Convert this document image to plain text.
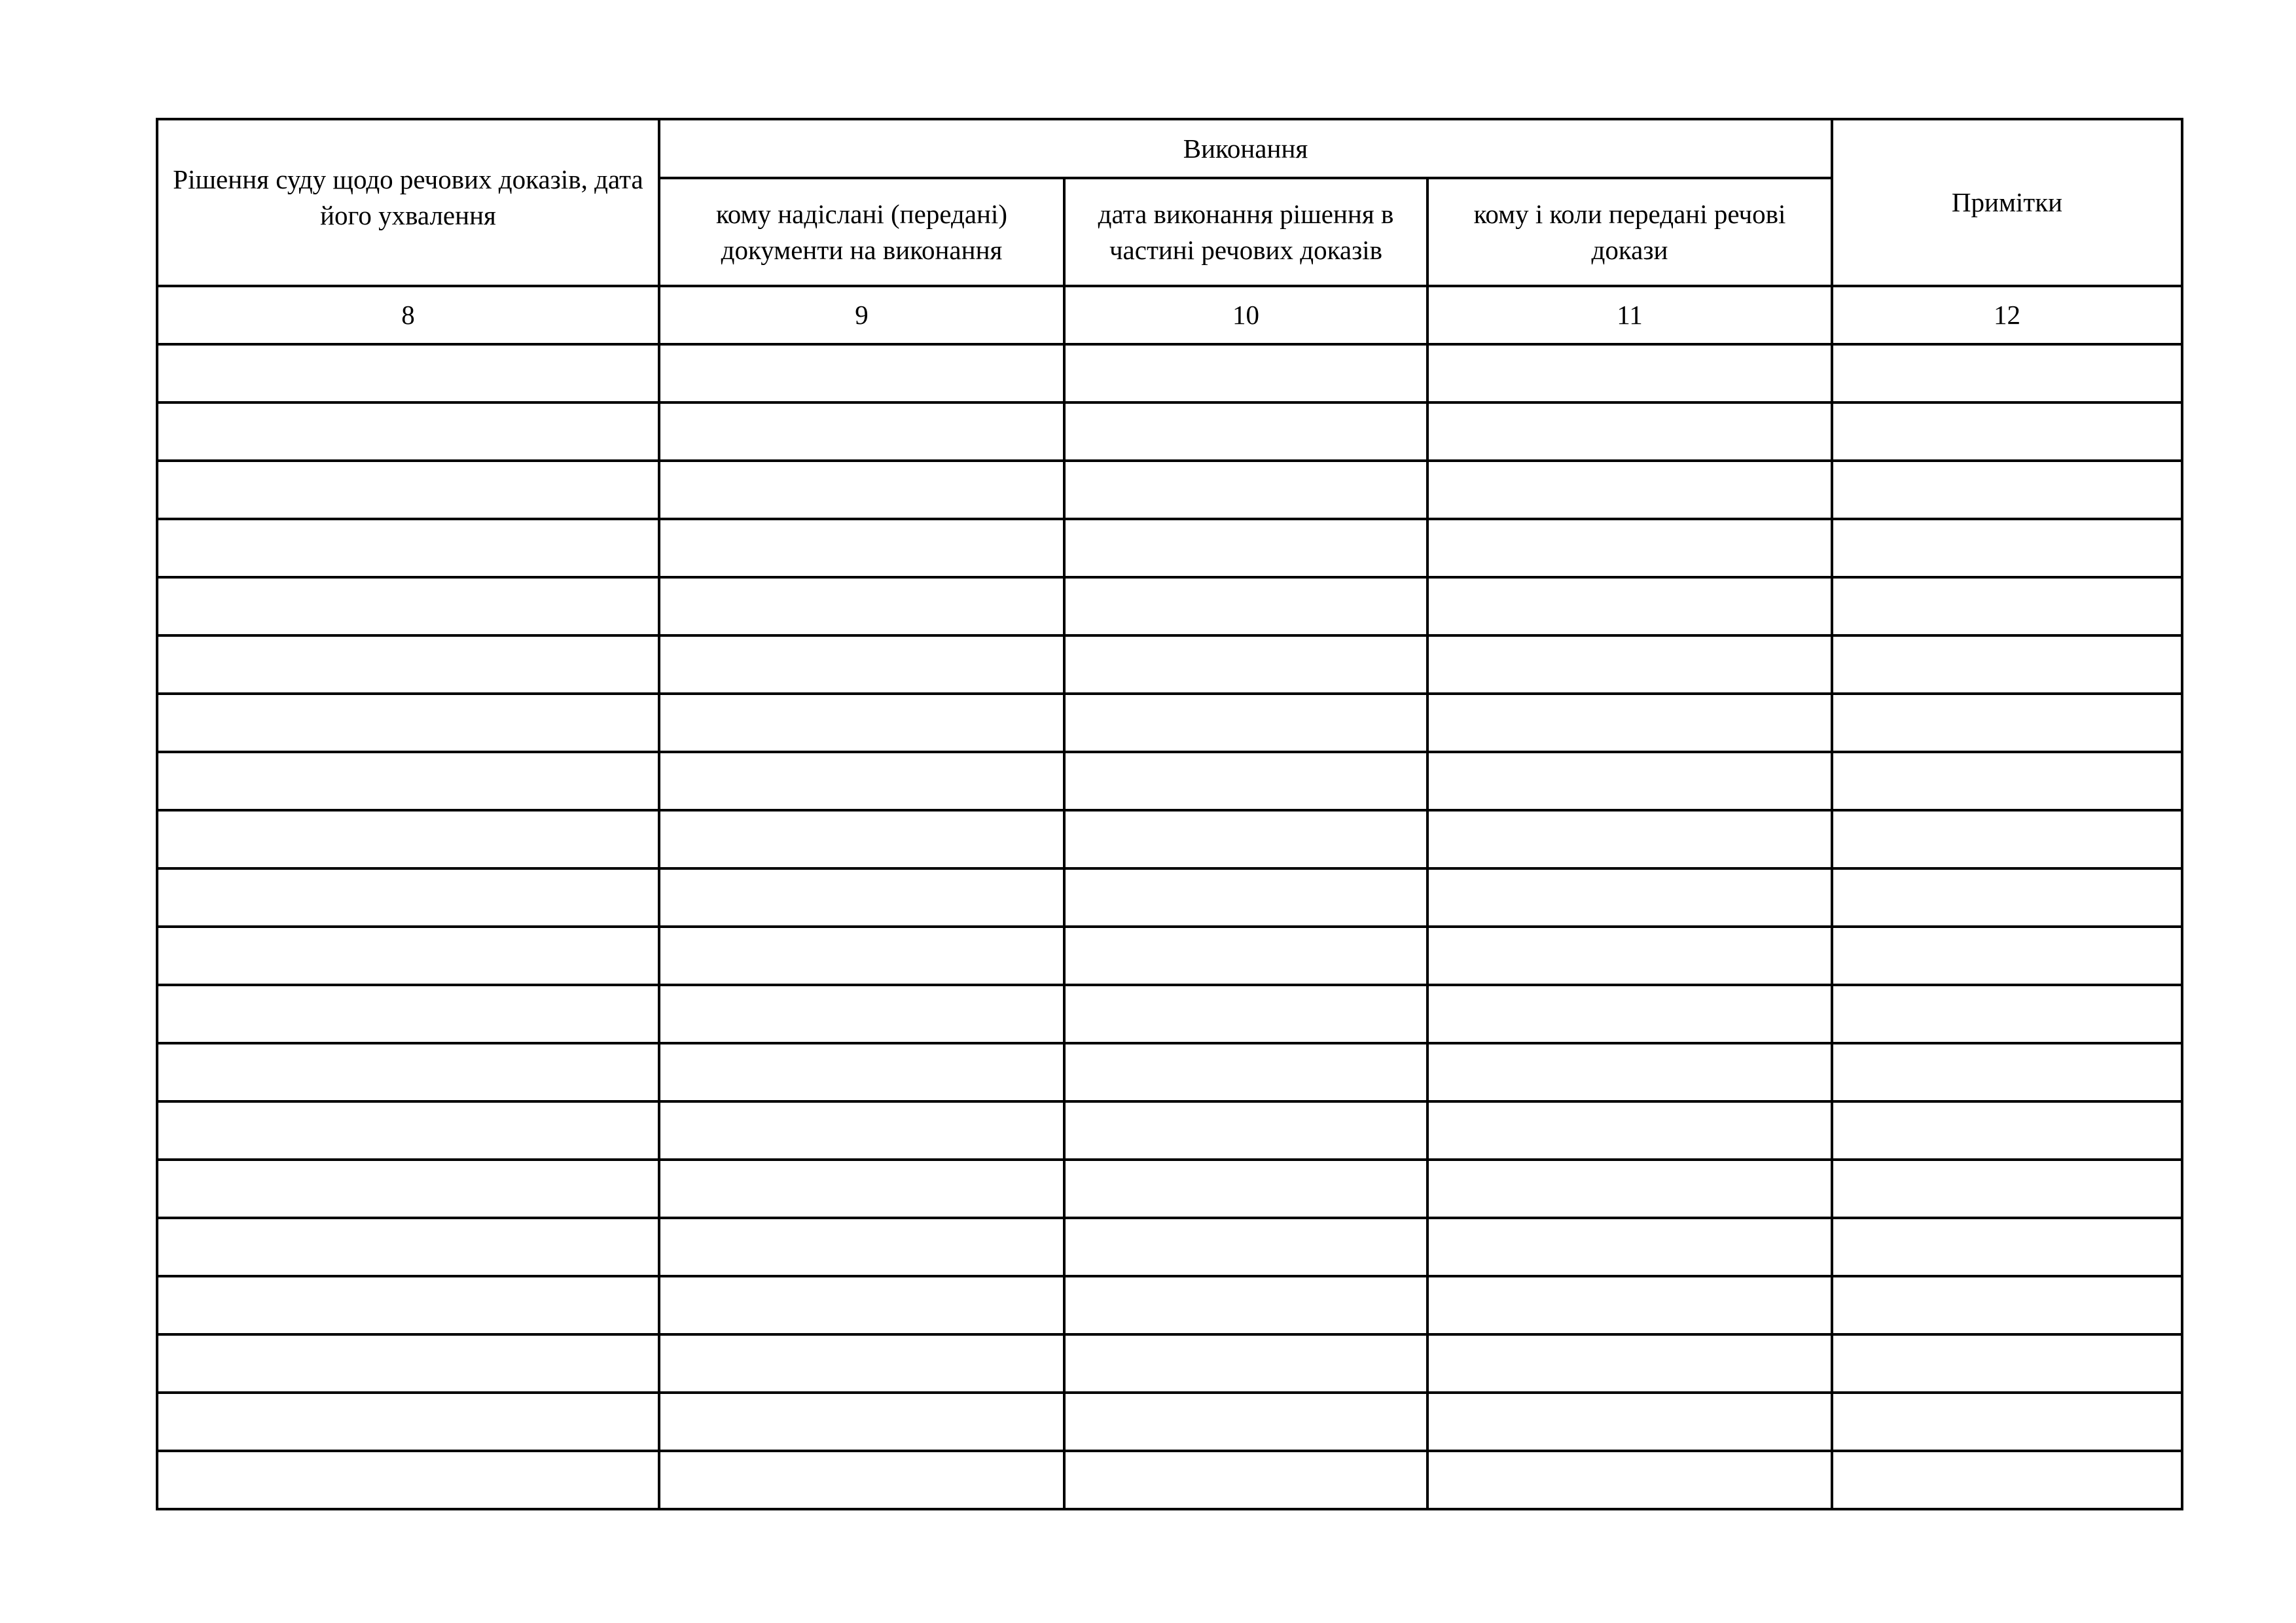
Рішення суду щодо речових доказів, дата його ухвалення	Виконання			Примітки

	кому надіслані (передані) документи на виконання	дата виконання рішення в частині речових доказів	кому і коли передані речові докази	

8	9	10	11	12
